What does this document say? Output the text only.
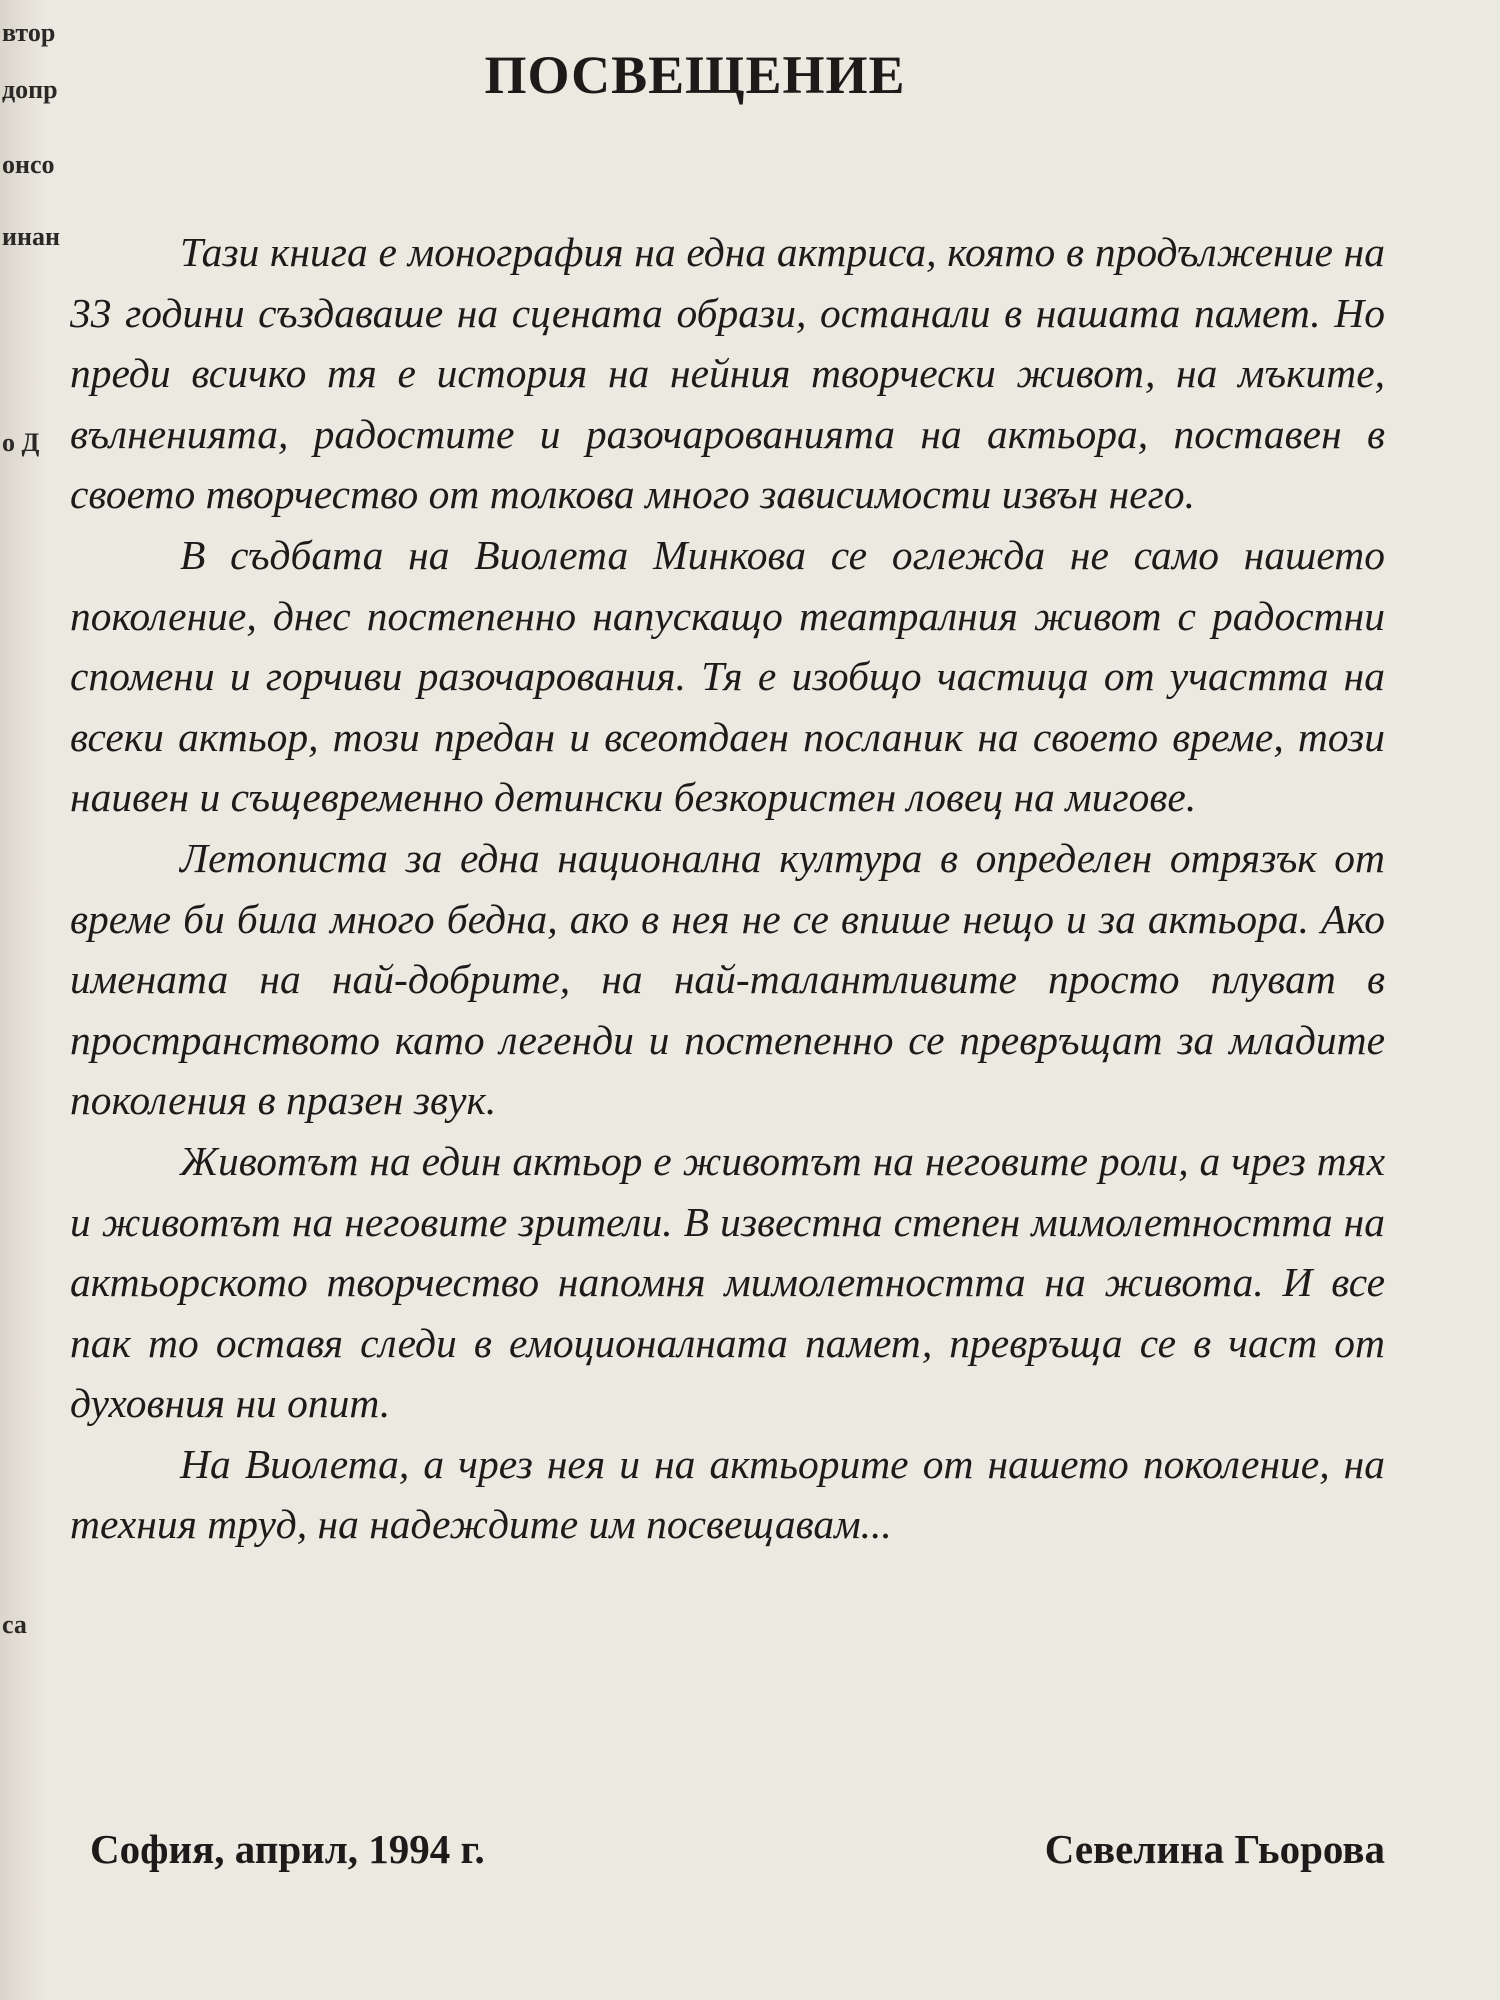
втор
допр
онсо
инан
о Д
са
ПОСВЕЩЕНИЕ

Тази книга е монография на една актриса, която в продължение на 33 години създаваше на сцената образи, останали в нашата памет. Но преди всичко тя е история на нейния творчески живот, на мъките, вълненията, радостите и разочарованията на актьора, поставен в своето творчество от толкова много зависимости извън него.

В съдбата на Виолета Минкова се оглежда не само нашето поколение, днес постепенно напускащо театралния живот с радостни спомени и горчиви разочарования. Тя е изобщо частица от участта на всеки актьор, този предан и всеотдаен посланик на своето време, този наивен и същевременно детински безкористен ловец на мигове.

Летописта за една национална култура в определен отрязък от време би била много бедна, ако в нея не се впише нещо и за актьора. Ако имената на най-добрите, на най-талантливите просто плуват в пространството като легенди и постепенно се превръщат за младите поколения в празен звук.

Животът на един актьор е животът на неговите роли, а чрез тях и животът на неговите зрители. В известна степен мимолетността на актьорското творчество напомня мимолетността на живота. И все пак то оставя следи в емоционалната памет, превръща се в част от духовния ни опит.

На Виолета, а чрез нея и на актьорите от нашето поколение, на техния труд, на надеждите им посвещавам...

София, април, 1994 г.	Севелина Гьорова
